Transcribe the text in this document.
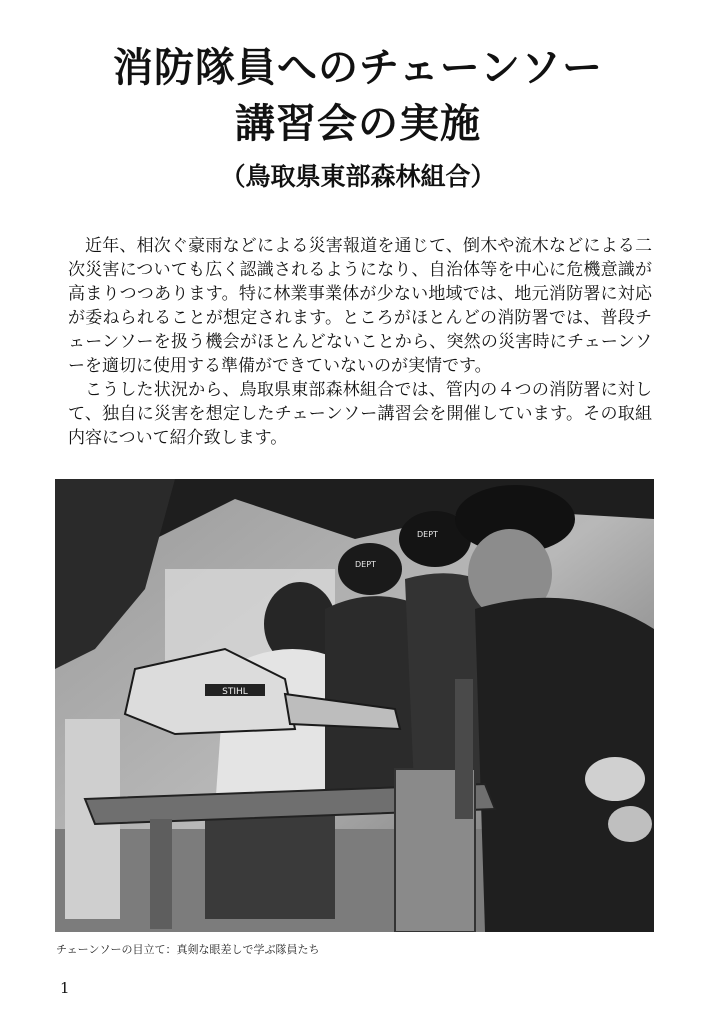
消防隊員へのチェーンソー
講習会の実施
（鳥取県東部森林組合）

近年、相次ぐ豪雨などによる災害報道を通じて、倒木や流木などによる二次災害についても広く認識されるようになり、自治体等を中心に危機意識が高まりつつあります。特に林業事業体が少ない地域では、地元消防署に対応が委ねられることが想定されます。ところがほとんどの消防署では、普段チェーンソーを扱う機会がほとんどないことから、突然の災害時にチェーンソーを適切に使用する準備ができていないのが実情です。

こうした状況から、鳥取県東部森林組合では、管内の４つの消防署に対して、独自に災害を想定したチェーンソー講習会を開催しています。その取組内容について紹介致します。

STIHL
DEPT
DEPT

チェーンソーの目立て：真剣な眼差しで学ぶ隊員たち

1
